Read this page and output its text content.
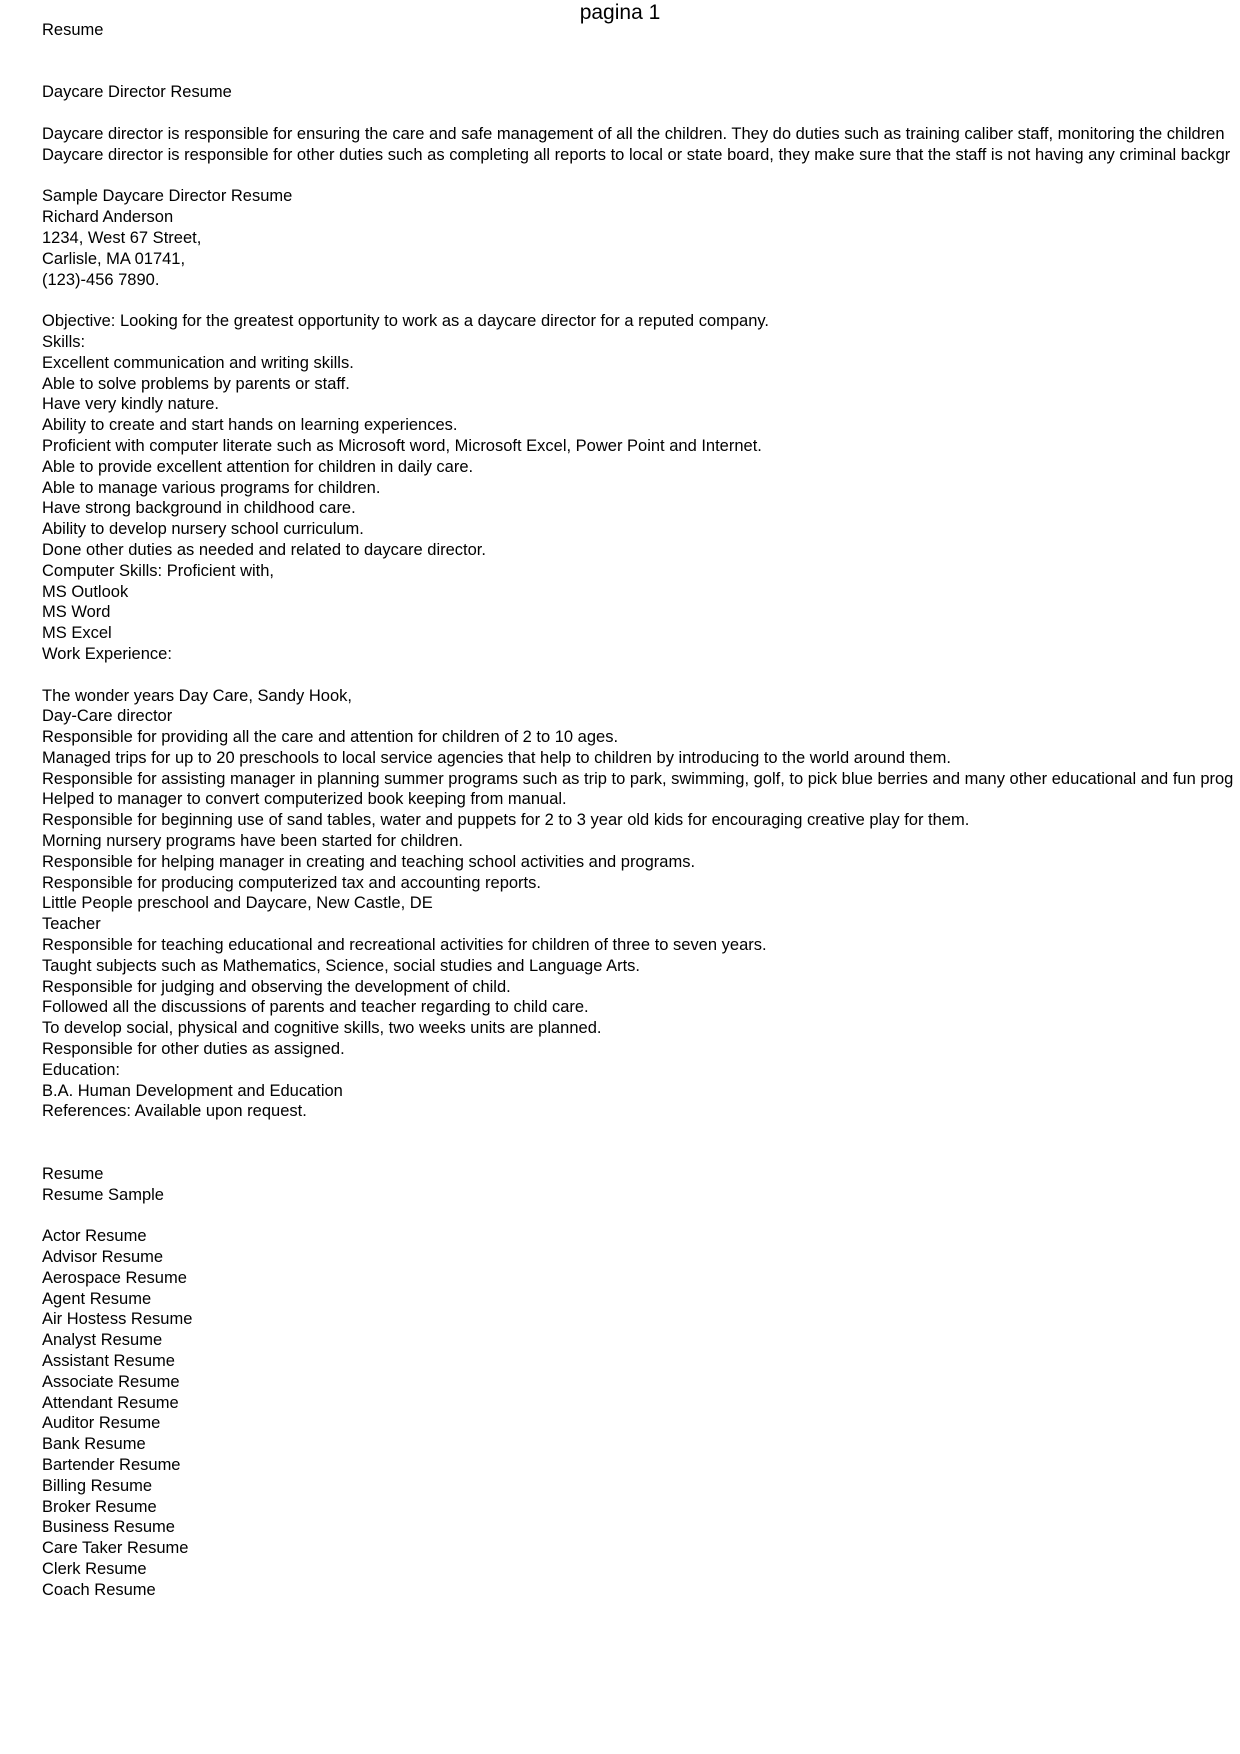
pagina 1
Resume
Daycare Director Resume
Daycare director is responsible for ensuring the care and safe management of all the children. They do duties such as training caliber staff, monitoring the children
Daycare director is responsible for other duties such as completing all reports to local or state board, they make sure that the staff is not having any criminal backgr
Sample Daycare Director Resume
Richard Anderson
1234, West 67 Street,
Carlisle, MA 01741,
(123)-456 7890.
Objective: Looking for the greatest opportunity to work as a daycare director for a reputed company.
Skills:
Excellent communication and writing skills.
Able to solve problems by parents or staff.
Have very kindly nature.
Ability to create and start hands on learning experiences.
Proficient with computer literate such as Microsoft word, Microsoft Excel, Power Point and Internet.
Able to provide excellent attention for children in daily care.
Able to manage various programs for children.
Have strong background in childhood care.
Ability to develop nursery school curriculum.
Done other duties as needed and related to daycare director.
Computer Skills: Proficient with,
MS Outlook
MS Word
MS Excel
Work Experience:
The wonder years Day Care, Sandy Hook,
Day-Care director
Responsible for providing all the care and attention for children of 2 to 10 ages.
Managed trips for up to 20 preschools to local service agencies that help to children by introducing to the world around them.
Responsible for assisting manager in planning summer programs such as trip to park, swimming, golf, to pick blue berries and many other educational and fun prog
Helped to manager to convert computerized book keeping from manual.
Responsible for beginning use of sand tables, water and puppets for 2 to 3 year old kids for encouraging creative play for them.
Morning nursery programs have been started for children.
Responsible for helping manager in creating and teaching school activities and programs.
Responsible for producing computerized tax and accounting reports.
Little People preschool and Daycare, New Castle, DE
Teacher
Responsible for teaching educational and recreational activities for children of three to seven years.
Taught subjects such as Mathematics, Science, social studies and Language Arts.
Responsible for judging and observing the development of child.
Followed all the discussions of parents and teacher regarding to child care.
To develop social, physical and cognitive skills, two weeks units are planned.
Responsible for other duties as assigned.
Education:
B.A. Human Development and Education
References: Available upon request.
Resume
Resume Sample
Actor Resume
Advisor Resume
Aerospace Resume
Agent Resume
Air Hostess Resume
Analyst Resume
Assistant Resume
Associate Resume
Attendant Resume
Auditor Resume
Bank Resume
Bartender Resume
Billing Resume
Broker Resume
Business Resume
Care Taker Resume
Clerk Resume
Coach Resume
